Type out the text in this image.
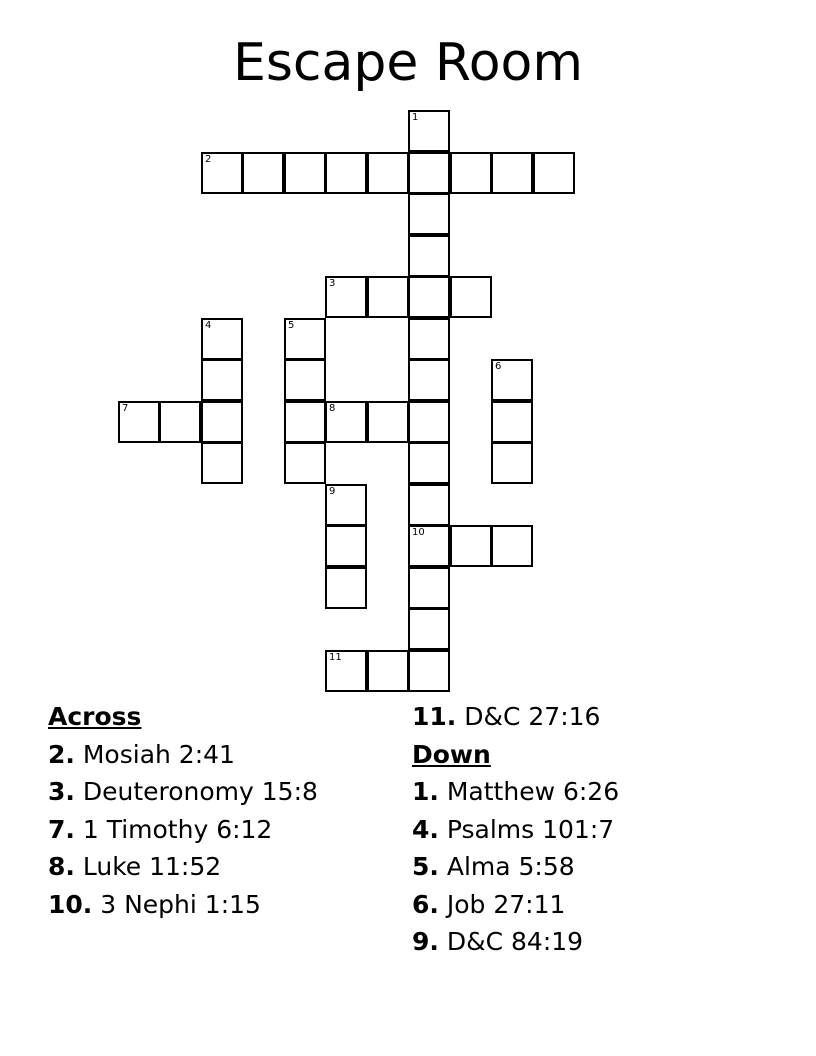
Escape Room
1
2
3
4	5
6
7	8
9
10
11
Across
2. Mosiah 2:41
3. Deuteronomy 15:8
7. 1 Timothy 6:12
8. Luke 11:52
10. 3 Nephi 1:15
11. D&C 27:16
Down
1. Matthew 6:26
4. Psalms 101:7
5. Alma 5:58
6. Job 27:11
9. D&C 84:19
